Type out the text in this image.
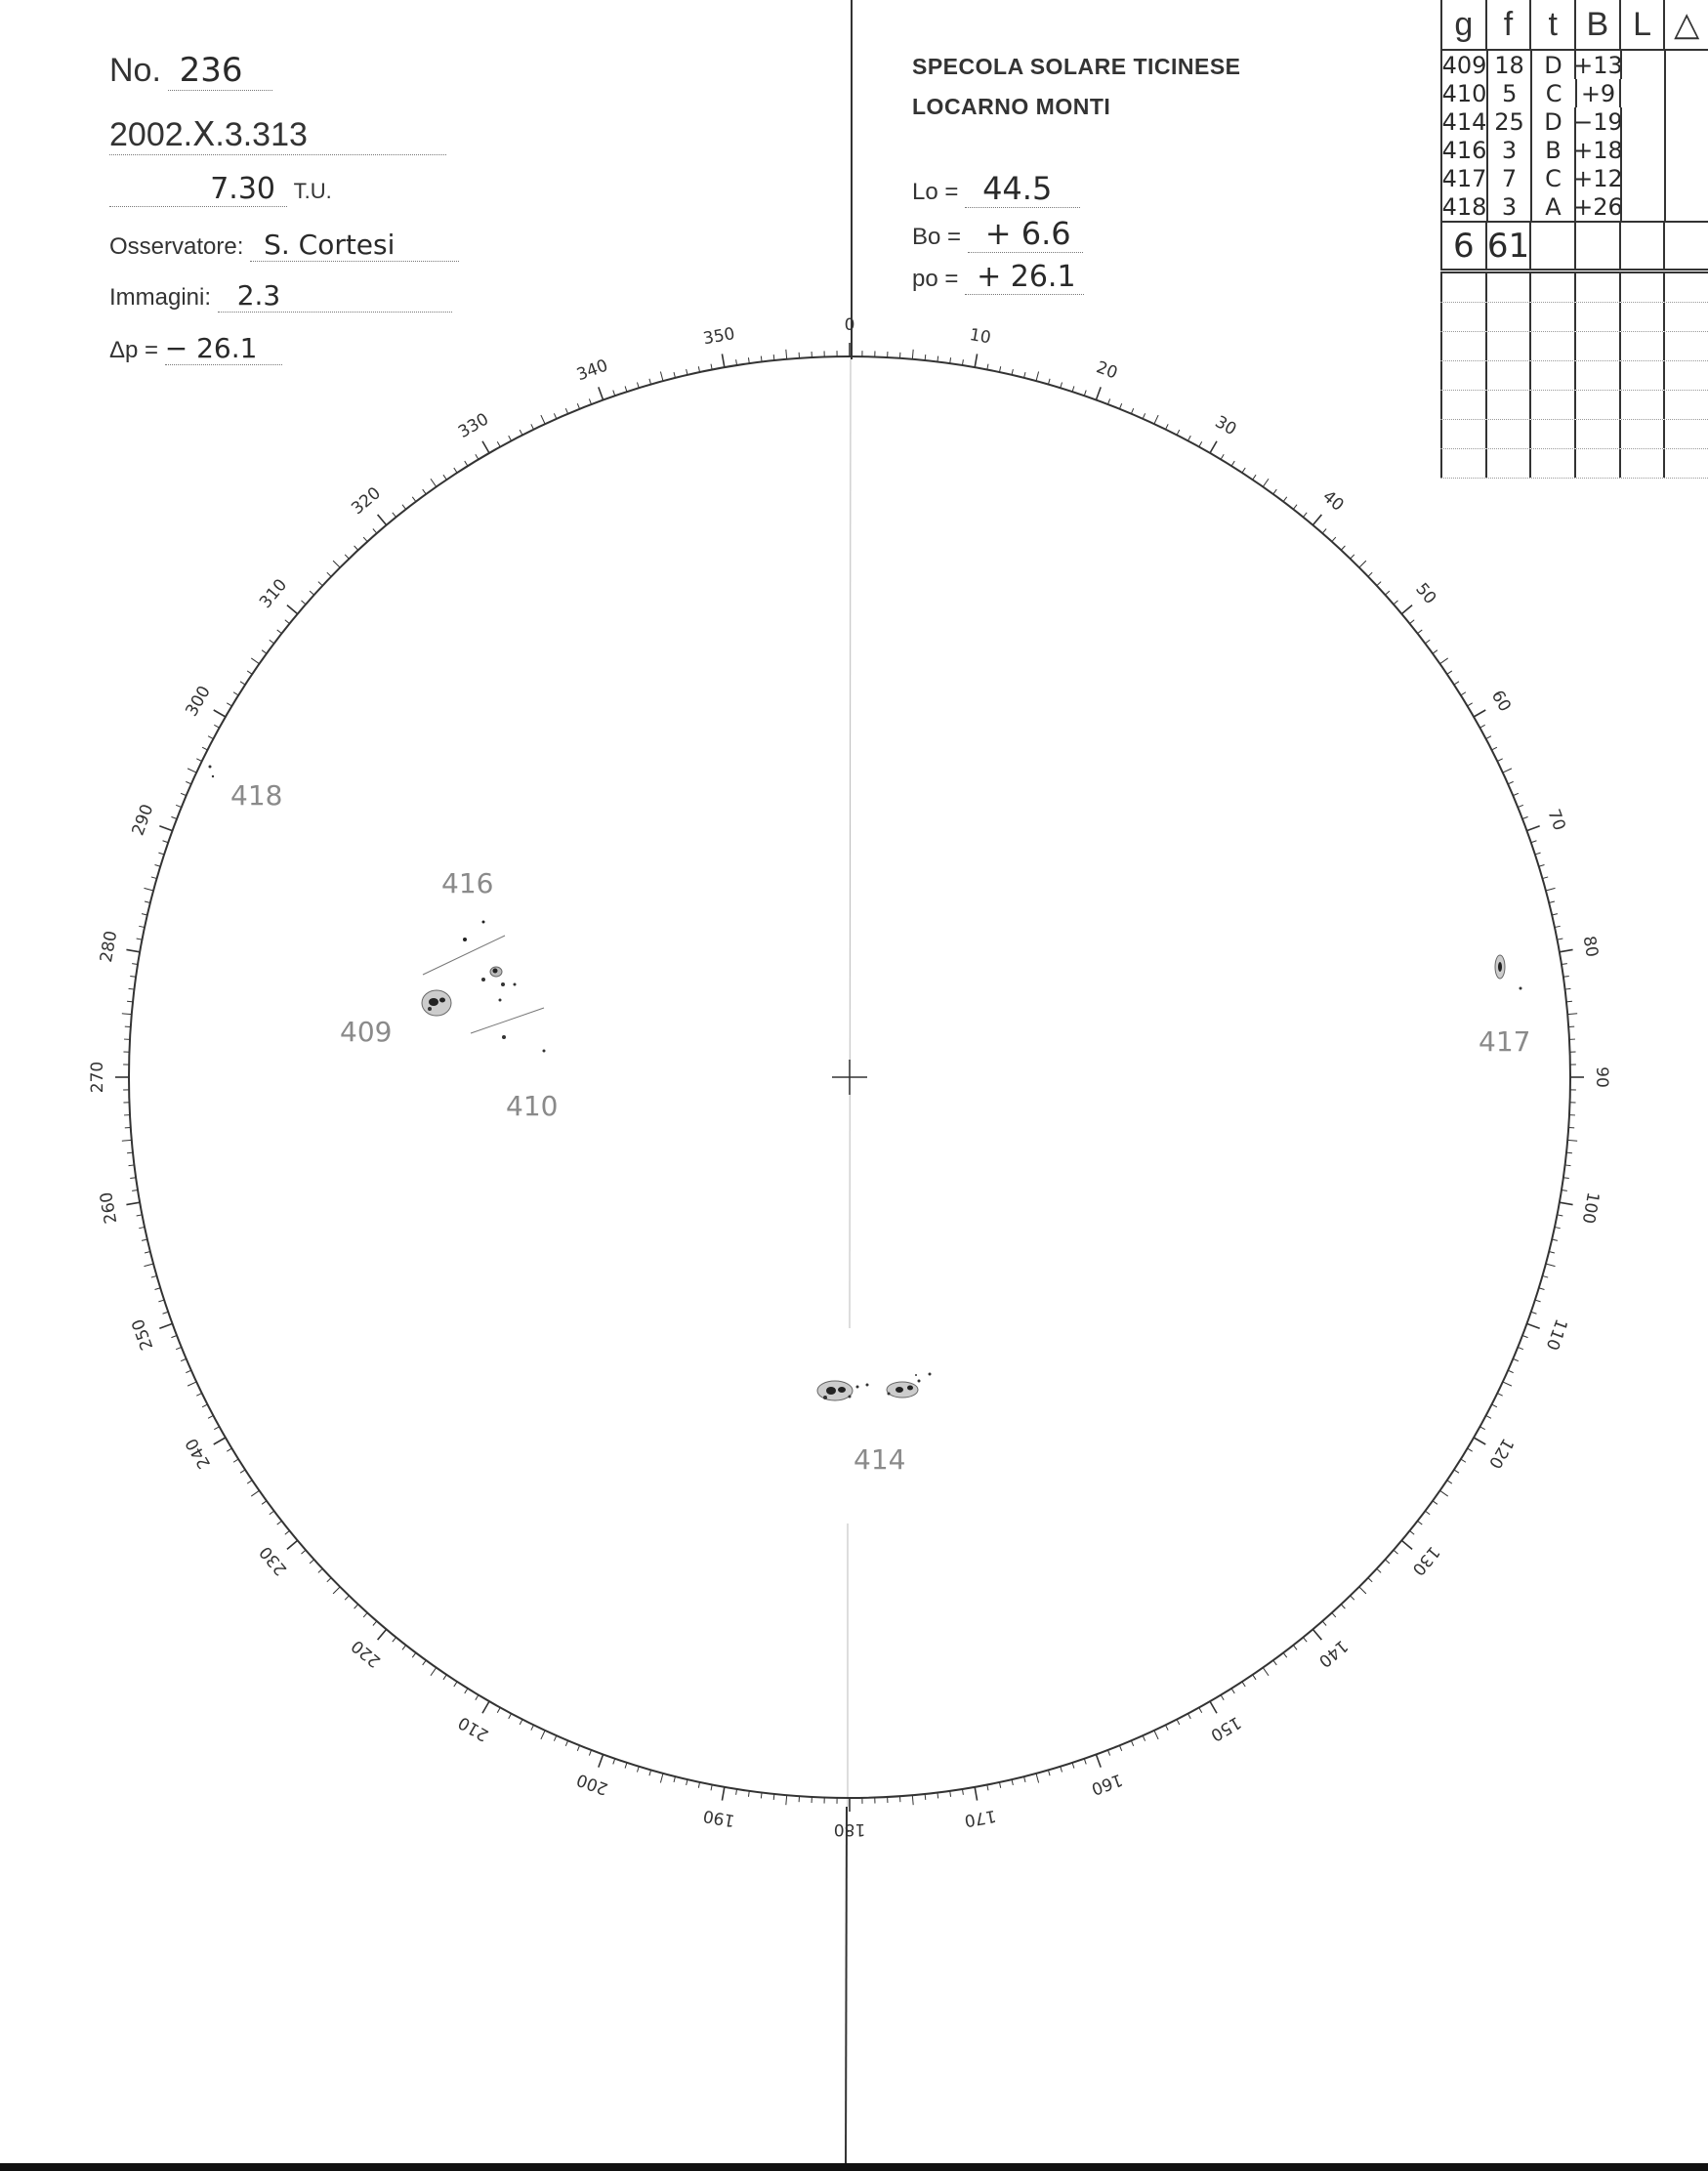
No. 236
2002.Ⅹ.3.313
7.30 T.U.
Osservatore: S. Cortesi
Immagini: 2.3
Δp = − 26.1
SPECOLA SOLARE TICINESE
LOCARNO MONTI
Lo = 44.5
Bo = + 6.6
po = + 26.1
g f	t B L △
409 18 D +13
410 5	C +9
414 25 D −19
416 3	B +18
417 7	C +12
418 3	A +26
6 61
0	10
20
30
40
50
60
70
80
90
100
110
120
130
140
150
160
170
180
190
200
210
220
230
240
250
260
270
280
290
300
310
320
330
340
350
418
416
409
410
414
417
